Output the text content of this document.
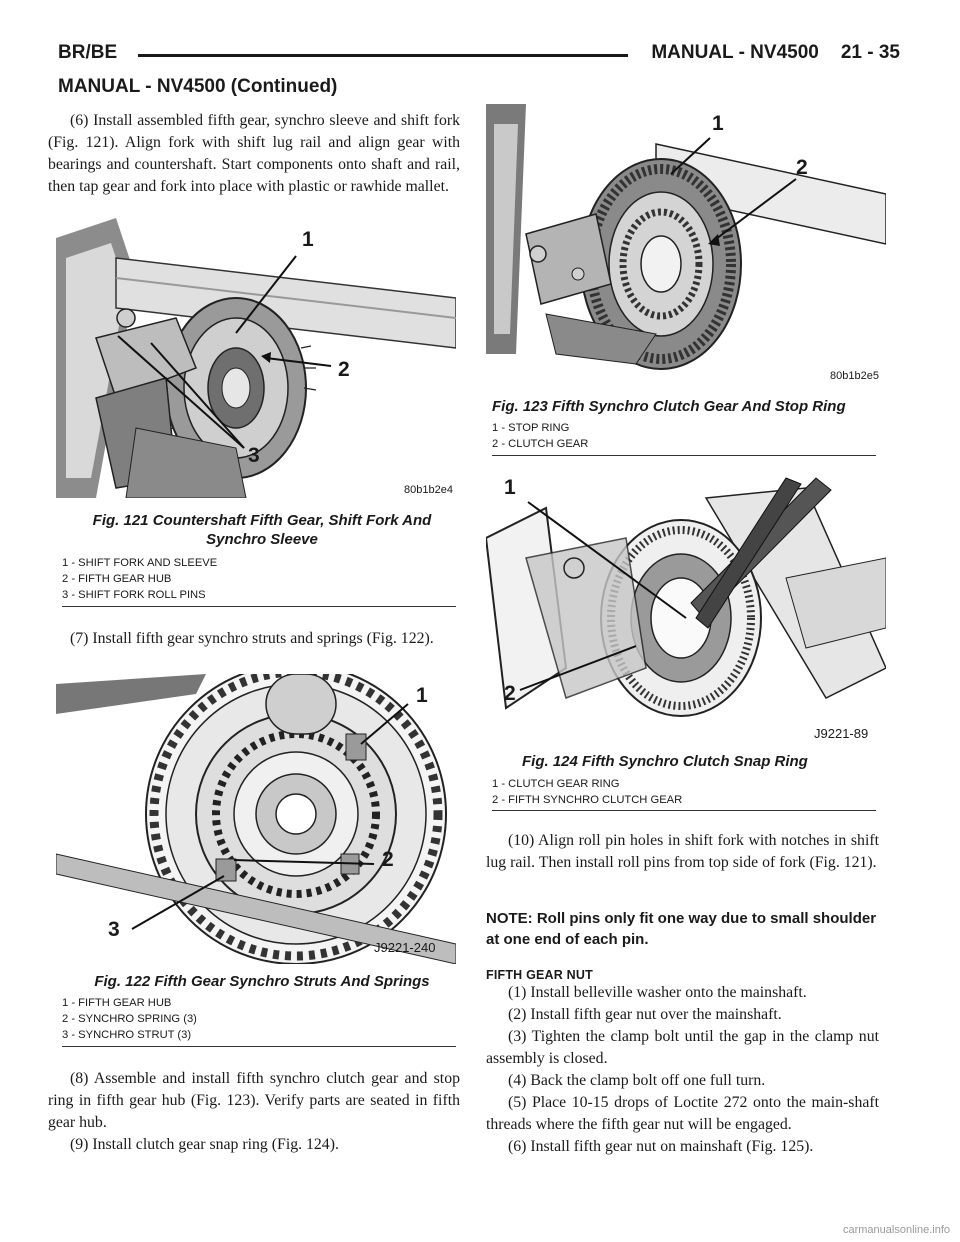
BR/BE	MANUAL - NV4500 21 - 35
MANUAL - NV4500 (Continued)

(6) Install assembled fifth gear, synchro sleeve and shift fork (Fig. 121). Align fork with shift lug rail and align gear with bearings and countershaft. Start components onto shaft and rail, then tap gear and fork into place with plastic or rawhide mallet.

1
2
3
80b1b2e4
Fig. 121 Countershaft Fifth Gear, Shift Fork And
Synchro Sleeve
1 - SHIFT FORK AND SLEEVE
2 - FIFTH GEAR HUB
3 - SHIFT FORK ROLL PINS

(7) Install fifth gear synchro struts and springs (Fig. 122).

1
2
3
J9221-240
Fig. 122 Fifth Gear Synchro Struts And Springs
1 - FIFTH GEAR HUB
2 - SYNCHRO SPRING (3)
3 - SYNCHRO STRUT (3)

(8) Assemble and install fifth synchro clutch gear and stop ring in fifth gear hub (Fig. 123). Verify parts are seated in fifth gear hub.

(9) Install clutch gear snap ring (Fig. 124).

1
2
80b1b2e5
Fig. 123 Fifth Synchro Clutch Gear And Stop Ring
1 - STOP RING
2 - CLUTCH GEAR
1
2
J9221-89
Fig. 124 Fifth Synchro Clutch Snap Ring
1 - CLUTCH GEAR RING
2 - FIFTH SYNCHRO CLUTCH GEAR

(10) Align roll pin holes in shift fork with notches in shift lug rail. Then install roll pins from top side of fork (Fig. 121).

NOTE: Roll pins only fit one way due to small shoulder at one end of each pin.

FIFTH GEAR NUT

(1) Install belleville washer onto the mainshaft.

(2) Install fifth gear nut over the mainshaft.

(3) Tighten the clamp bolt until the gap in the clamp nut assembly is closed.

(4) Back the clamp bolt off one full turn.

(5) Place 10-15 drops of Loctite 272 onto the main-shaft threads where the fifth gear nut will be engaged.

(6) Install fifth gear nut on mainshaft (Fig. 125).

carmanualsonline.info
